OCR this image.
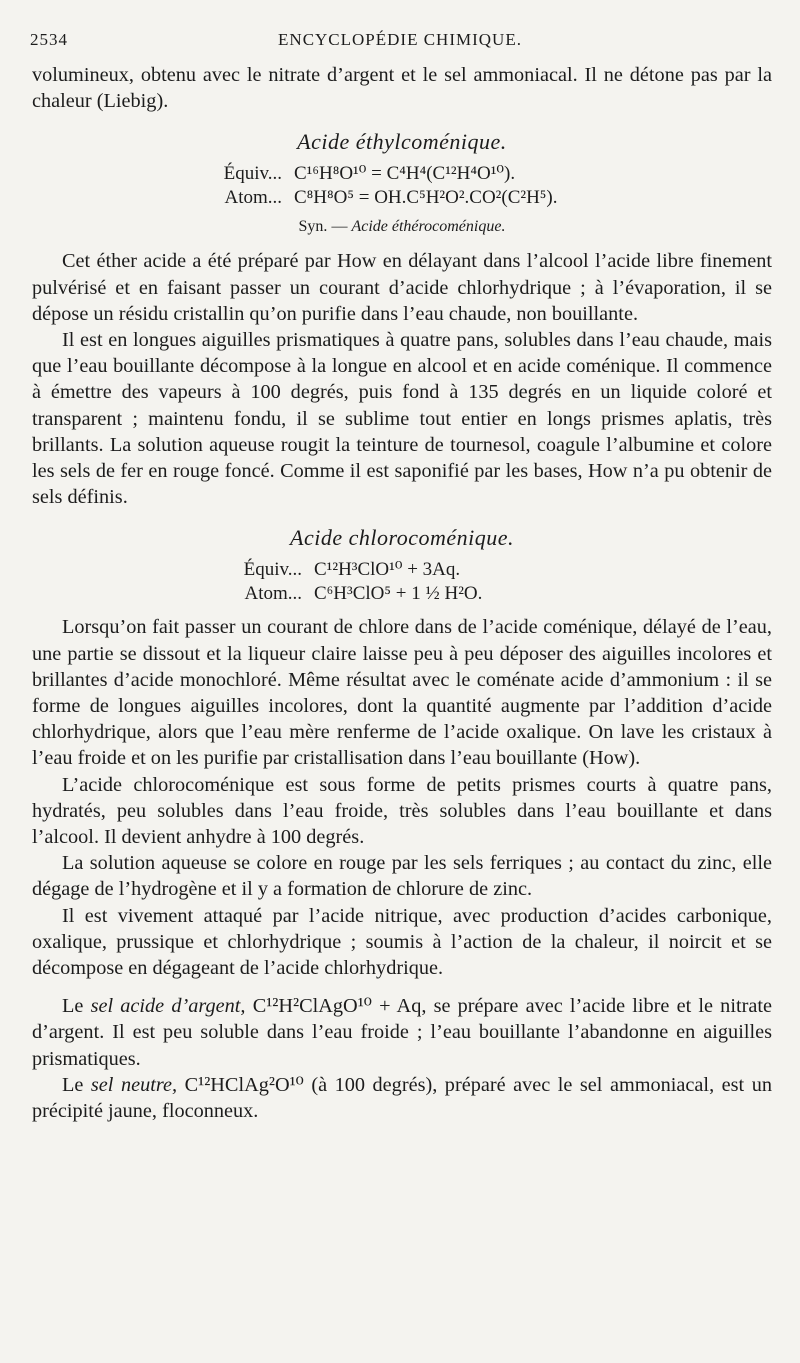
2534	ENCYCLOPÉDIE CHIMIQUE.

volumineux, obtenu avec le nitrate d’argent et le sel ammoniacal. Il ne détone pas par la chaleur (Liebig).

Acide éthylcoménique.
Équiv... C¹⁶H⁸O¹⁰ = C⁴H⁴(C¹²H⁴O¹⁰).
Atom... C⁸H⁸O⁵ = OH.C⁵H²O².CO²(C²H⁵).
Syn. — Acide éthérocoménique.

Cet éther acide a été préparé par How en délayant dans l’alcool l’acide libre finement pulvérisé et en faisant passer un courant d’acide chlorhydrique ; à l’évaporation, il se dépose un résidu cristallin qu’on purifie dans l’eau chaude, non bouillante.

Il est en longues aiguilles prismatiques à quatre pans, solubles dans l’eau chaude, mais que l’eau bouillante décompose à la longue en alcool et en acide coménique. Il commence à émettre des vapeurs à 100 degrés, puis fond à 135 degrés en un liquide coloré et transparent ; maintenu fondu, il se sublime tout entier en longs prismes aplatis, très brillants. La solution aqueuse rougit la teinture de tournesol, coagule l’albumine et colore les sels de fer en rouge foncé. Comme il est saponifié par les bases, How n’a pu obtenir de sels définis.

Acide chlorocoménique.
Équiv... C¹²H³ClO¹⁰ + 3Aq.
Atom... C⁶H³ClO⁵ + 1 ½ H²O.

Lorsqu’on fait passer un courant de chlore dans de l’acide coménique, délayé de l’eau, une partie se dissout et la liqueur claire laisse peu à peu déposer des aiguilles incolores et brillantes d’acide monochloré. Même résultat avec le coménate acide d’ammonium : il se forme de longues aiguilles incolores, dont la quantité augmente par l’addition d’acide chlorhydrique, alors que l’eau mère renferme de l’acide oxalique. On lave les cristaux à l’eau froide et on les purifie par cristallisation dans l’eau bouillante (How).

L’acide chlorocoménique est sous forme de petits prismes courts à quatre pans, hydratés, peu solubles dans l’eau froide, très solubles dans l’eau bouillante et dans l’alcool. Il devient anhydre à 100 degrés.

La solution aqueuse se colore en rouge par les sels ferriques ; au contact du zinc, elle dégage de l’hydrogène et il y a formation de chlorure de zinc.

Il est vivement attaqué par l’acide nitrique, avec production d’acides carbonique, oxalique, prussique et chlorhydrique ; soumis à l’action de la chaleur, il noircit et se décompose en dégageant de l’acide chlorhydrique.

Le sel acide d’argent, C¹²H²ClAgO¹⁰ + Aq, se prépare avec l’acide libre et le nitrate d’argent. Il est peu soluble dans l’eau froide ; l’eau bouillante l’abandonne en aiguilles prismatiques.

Le sel neutre, C¹²HClAg²O¹⁰ (à 100 degrés), préparé avec le sel ammoniacal, est un précipité jaune, floconneux.
